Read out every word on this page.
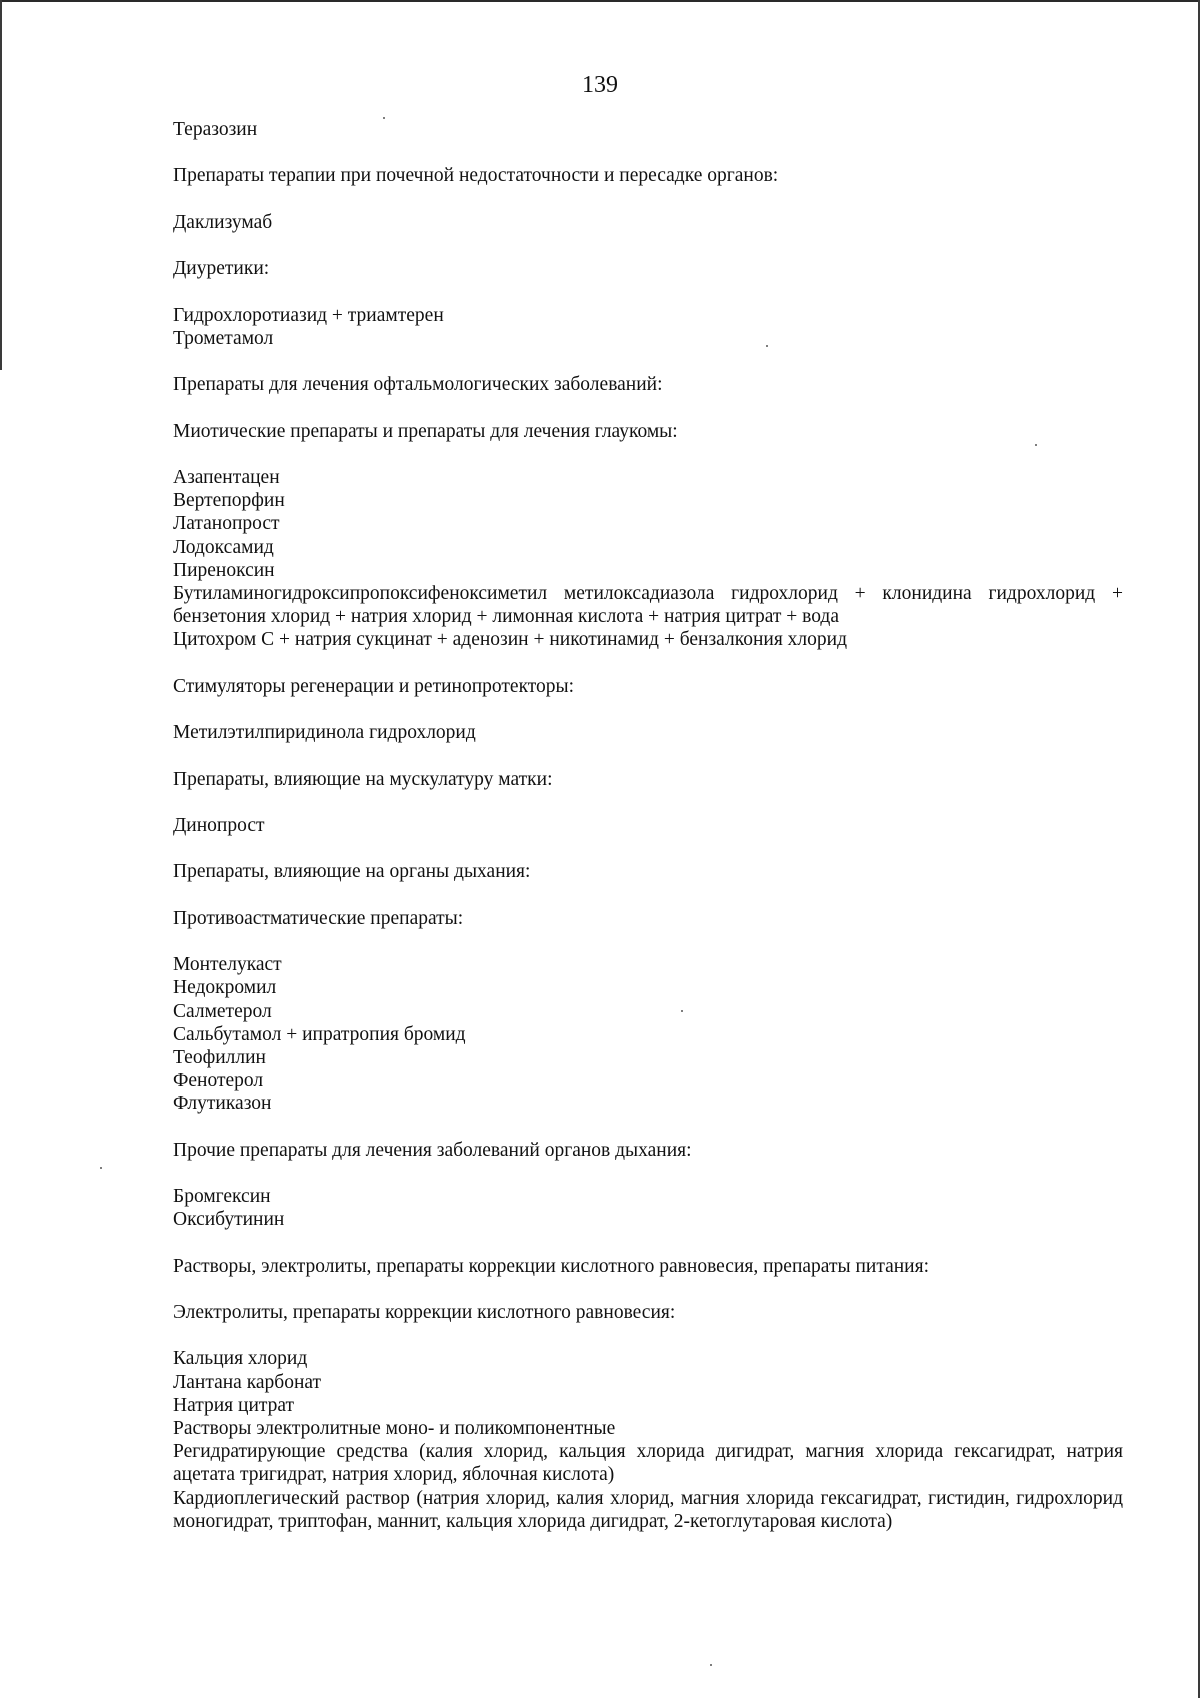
139
Теразозин
Препараты терапии при почечной недостаточности и пересадке органов:
Даклизумаб
Диуретики:
Гидрохлоротиазид + триамтерен
Трометамол
Препараты для лечения офтальмологических заболеваний:
Миотические препараты и препараты для лечения глаукомы:
Азапентацен
Вертепорфин
Латанопрост
Лодоксамид
Пиреноксин
Бутиламиногидроксипропоксифеноксиметил метилоксадиазола гидрохлорид + клонидина гидрохлорид + бензетония хлорид + натрия хлорид + лимонная кислота + натрия цитрат + вода
Цитохром С + натрия сукцинат + аденозин + никотинамид + бензалкония хлорид
Стимуляторы регенерации и ретинопротекторы:
Метилэтилпиридинола гидрохлорид
Препараты, влияющие на мускулатуру матки:
Динопрост
Препараты, влияющие на органы дыхания:
Противоастматические препараты:
Монтелукаст
Недокромил
Салметерол
Сальбутамол + ипратропия бромид
Теофиллин
Фенотерол
Флутиказон
Прочие препараты для лечения заболеваний органов дыхания:
Бромгексин
Оксибутинин
Растворы, электролиты, препараты коррекции кислотного равновесия, препараты питания:
Электролиты, препараты коррекции кислотного равновесия:
Кальция хлорид
Лантана карбонат
Натрия цитрат
Растворы электролитные моно- и поликомпонентные
Регидратирующие средства (калия хлорид, кальция хлорида дигидрат, магния хлорида гексагидрат, натрия ацетата тригидрат, натрия хлорид, яблочная кислота)
Кардиоплегический раствор (натрия хлорид, калия хлорид, магния хлорида гексагидрат, гистидин, гидрохлорид моногидрат, триптофан, маннит, кальция хлорида дигидрат, 2-кетоглутаровая кислота)
